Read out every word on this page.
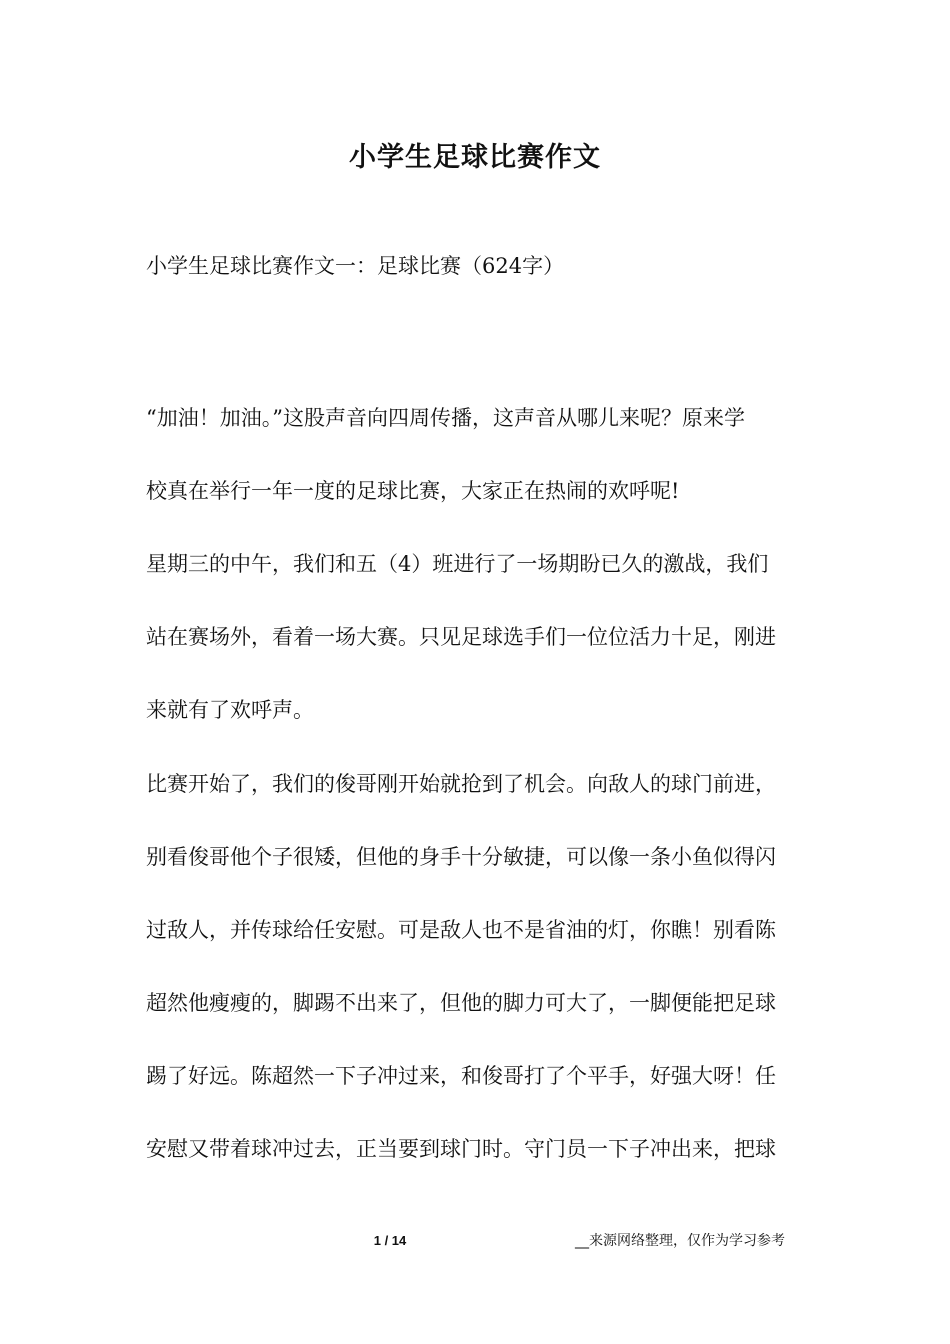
小学生足球比赛作文
小学生足球比赛作文一：足球比赛（624字）
“加油！加油。”这股声音向四周传播，这声音从哪儿来呢？原来学
校真在举行一年一度的足球比赛，大家正在热闹的欢呼呢!
星期三的中午，我们和五（4）班进行了一场期盼已久的激战，我们
站在赛场外，看着一场大赛。只见足球选手们一位位活力十足，刚进
来就有了欢呼声。
比赛开始了，我们的俊哥刚开始就抢到了机会。向敌人的球门前进，
别看俊哥他个子很矮，但他的身手十分敏捷，可以像一条小鱼似得闪
过敌人，并传球给任安慰。可是敌人也不是省油的灯，你瞧！别看陈
超然他瘦瘦的，脚踢不出来了，但他的脚力可大了，一脚便能把足球
踢了好远。陈超然一下子冲过来，和俊哥打了个平手，好强大呀！任
安慰又带着球冲过去，正当要到球门时。守门员一下子冲出来，把球
1 / 14	__来源网络整理，仅作为学习参考
